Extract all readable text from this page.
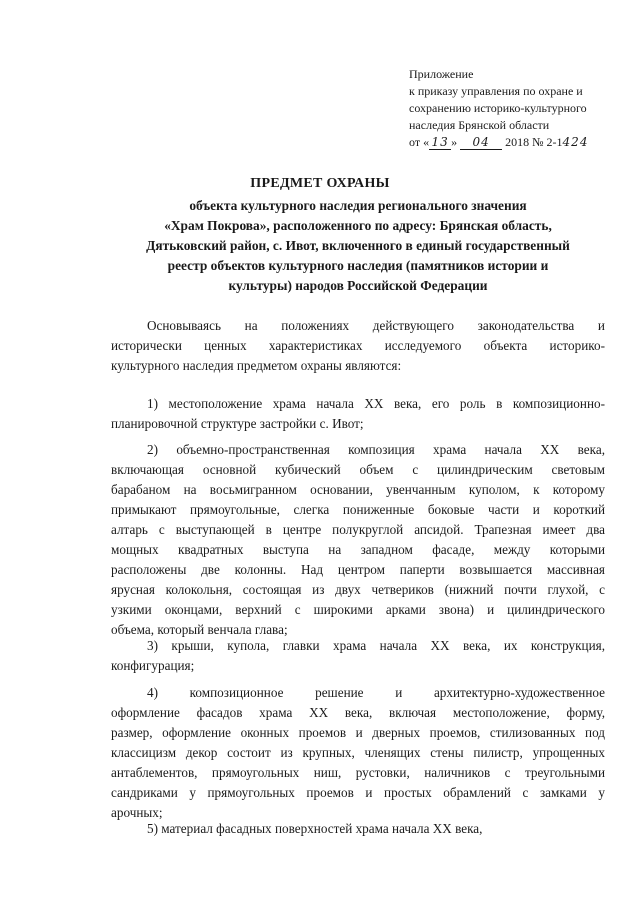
Приложение
к приказу управления по охране и
сохранению историко-культурного
наследия Брянской области
от « 13 » 04 2018 № 2-1424
ПРЕДМЕТ ОХРАНЫ
объекта культурного наследия регионального значения
«Храм Покрова», расположенного по адресу: Брянская область,
Дятьковский район, с. Ивот, включенного в единый государственный
реестр объектов культурного наследия (памятников истории и
культуры) народов Российской Федерации
Основываясь на положениях действующего законодательства и
исторически ценных характеристиках исследуемого объекта историко-
культурного наследия предметом охраны являются:
1) местоположение храма начала XX века, его роль в композиционно-
планировочной структуре застройки с. Ивот;
2) объемно-пространственная композиция храма начала XX века,
включающая основной кубический объем с цилиндрическим световым
барабаном на восьмигранном основании, увенчанным куполом, к которому
примыкают прямоугольные, слегка пониженные боковые части и короткий
алтарь с выступающей в центре полукруглой апсидой. Трапезная имеет два
мощных квадратных выступа на западном фасаде, между которыми
расположены две колонны. Над центром паперти возвышается массивная
ярусная колокольня, состоящая из двух четвериков (нижний почти глухой, с
узкими оконцами, верхний с широкими арками звона) и цилиндрического
объема, который венчала глава;
3) крыши, купола, главки храма начала XX века, их конструкция,
конфигурация;
4) композиционное решение и архитектурно-художественное
оформление фасадов храма XX века, включая местоположение, форму,
размер, оформление оконных проемов и дверных проемов, стилизованных под
классицизм декор состоит из крупных, членящих стены пилистр, упрощенных
антаблементов, прямоугольных ниш, рустовки, наличников с треугольными
сандриками у прямоугольных проемов и простых обрамлений с замками у
арочных;
5) материал фасадных поверхностей храма начала XX века,
